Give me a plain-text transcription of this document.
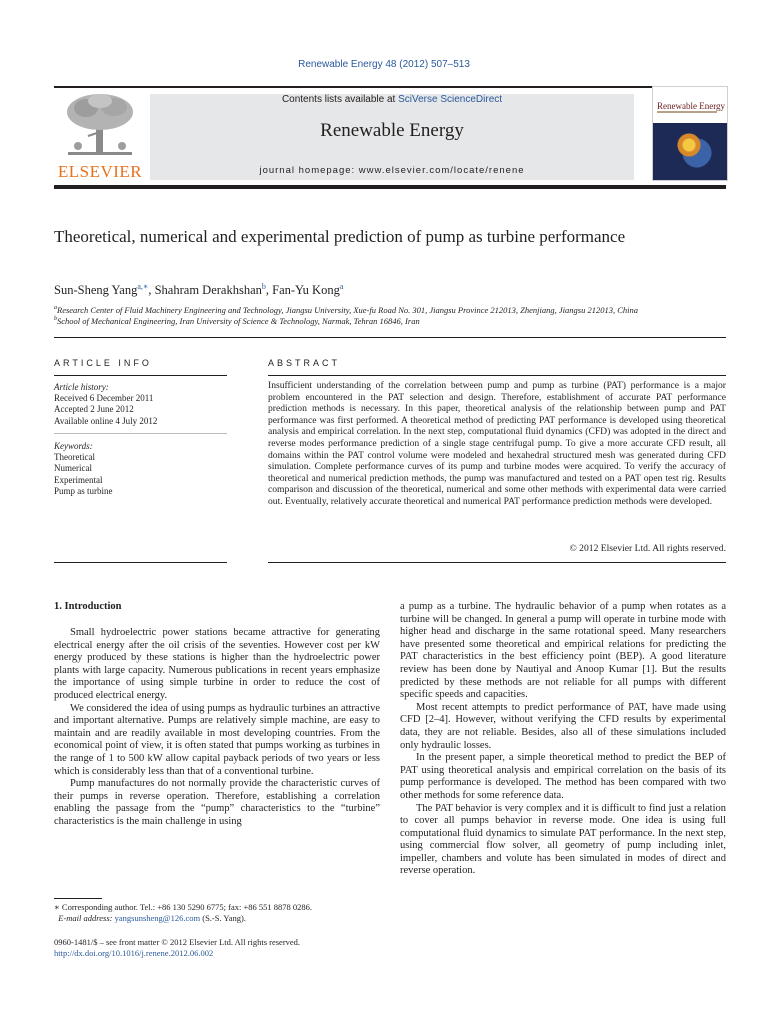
Renewable Energy 48 (2012) 507–513
ELSEVIER
Contents lists available at SciVerse ScienceDirect
Renewable Energy
journal homepage: www.elsevier.com/locate/renene
Renewable Energy
Theoretical, numerical and experimental prediction of pump as turbine performance
Sun-Sheng Yang$^{a,∗}$, Shahram Derakhshan$^b$, Fan-Yu Kong$^a$
$^a$Research Center of Fluid Machinery Engineering and Technology, Jiangsu University, Xue-fu Road No. 301, Jiangsu Province 212013, Zhenjiang, Jiangsu 212013, China
$^b$School of Mechanical Engineering, Iran University of Science & Technology, Narmak, Tehran 16846, Iran
ARTICLE INFO
Article history:
Received 6 December 2011
Accepted 2 June 2012
Available online 4 July 2012
Keywords:
Theoretical
Numerical
Experimental
Pump as turbine
ABSTRACT
Insufficient understanding of the correlation between pump and pump as turbine (PAT) performance is a major problem encountered in the PAT selection and design. Therefore, establishment of accurate PAT performance prediction methods is necessary. In this paper, theoretical analysis of the relationship between pump and PAT performance was first performed. A theoretical method of predicting PAT performance is developed using theoretical analysis and empirical correlation. In the next step, computational fluid dynamics (CFD) was adopted in the direct and reverse modes performance prediction of a single stage centrifugal pump. To give a more accurate CFD result, all domains within the PAT control volume were modeled and hexahedral structured mesh was generated during CFD simulation. Complete performance curves of its pump and turbine modes were acquired. To verify the accuracy of theoretical and numerical prediction methods, the pump was manufactured and tested on a PAT open test rig. Results comparison and discussion of the theoretical, numerical and some other methods with experimental data were carried out. Eventually, relatively accurate theoretical and numerical PAT performance prediction methods were developed.
© 2012 Elsevier Ltd. All rights reserved.
1. Introduction

Small hydroelectric power stations became attractive for generating electrical energy after the oil crisis of the seventies. However cost per kW energy produced by these stations is higher than the hydroelectric power plants with large capacity. Numerous publications in recent years emphasize the importance of using simple turbine in order to reduce the cost of produced electrical energy.

We considered the idea of using pumps as hydraulic turbines an attractive and important alternative. Pumps are relatively simple machine, are easy to maintain and are readily available in most developing countries. From the economical point of view, it is often stated that pumps working as turbines in the range of 1 to 500 kW allow capital payback periods of two years or less which is considerably less than that of a conventional turbine.

Pump manufactures do not normally provide the characteristic curves of their pumps in reverse operation. Therefore, establishing a correlation enabling the passage from the “pump” characteristics to the “turbine” characteristics is the main challenge in using

a pump as a turbine. The hydraulic behavior of a pump when rotates as a turbine will be changed. In general a pump will operate in turbine mode with higher head and discharge in the same rotational speed. Many researchers have presented some theoretical and empirical relations for predicting the PAT characteristics in the best efficiency point (BEP). A good literature review has been done by Nautiyal and Anoop Kumar [1]. But the results predicted by these methods are not reliable for all pumps with different specific speeds and capacities.

Most recent attempts to predict performance of PAT, have made using CFD [2–4]. However, without verifying the CFD results by experimental data, they are not reliable. Besides, also all of these simulations included only hydraulic losses.

In the present paper, a simple theoretical method to predict the BEP of PAT using theoretical analysis and empirical correlation on the basis of its pump performance is developed. The method has been compared with two other methods for some reference data.

The PAT behavior is very complex and it is difficult to find just a relation to cover all pumps behavior in reverse mode. One idea is using full computational fluid dynamics to simulate PAT performance. In the next step, using commercial flow solver, all geometry of pump including inlet, impeller, chambers and volute has been simulated in modes of direct and reverse operation.

∗ Corresponding author. Tel.: +86 130 5290 6775; fax: +86 551 8878 0286.
E-mail address: yangsunsheng@126.com (S.-S. Yang).
0960-1481/$ – see front matter © 2012 Elsevier Ltd. All rights reserved.
http://dx.doi.org/10.1016/j.renene.2012.06.002
